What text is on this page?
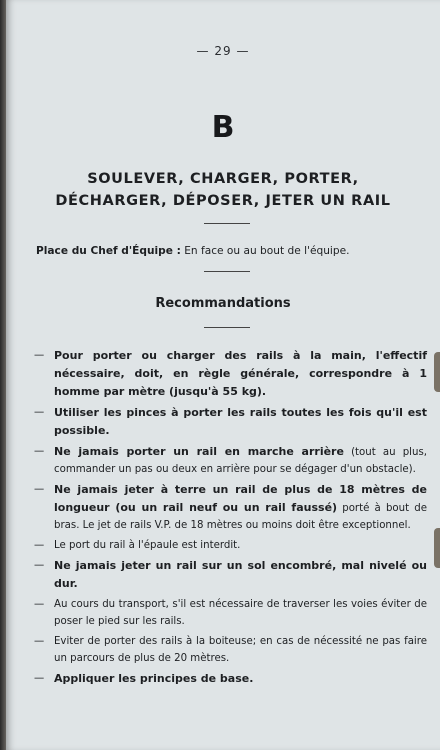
— 29 —
B
SOULEVER, CHARGER, PORTER,
DÉCHARGER, DÉPOSER, JETER UN RAIL
Place du Chef d'Équipe : En face ou au bout de l'équipe.
Recommandations
— Pour porter ou charger des rails à la main, l'effectif nécessaire, doit, en règle générale, correspondre à 1 homme par mètre (jusqu'à 55 kg).
— Utiliser les pinces à porter les rails toutes les fois qu'il est possible.
— Ne jamais porter un rail en marche arrière (tout au plus, commander un pas ou deux en arrière pour se dégager d'un obstacle).
— Ne jamais jeter à terre un rail de plus de 18 mètres de longueur (ou un rail neuf ou un rail faussé) porté à bout de bras. Le jet de rails V.P. de 18 mètres ou moins doit être exceptionnel.
— Le port du rail à l'épaule est interdit.
— Ne jamais jeter un rail sur un sol encombré, mal nivelé ou dur.
— Au cours du transport, s'il est nécessaire de traverser les voies éviter de poser le pied sur les rails.
— Eviter de porter des rails à la boiteuse; en cas de nécessité ne pas faire un parcours de plus de 20 mètres.
— Appliquer les principes de base.
